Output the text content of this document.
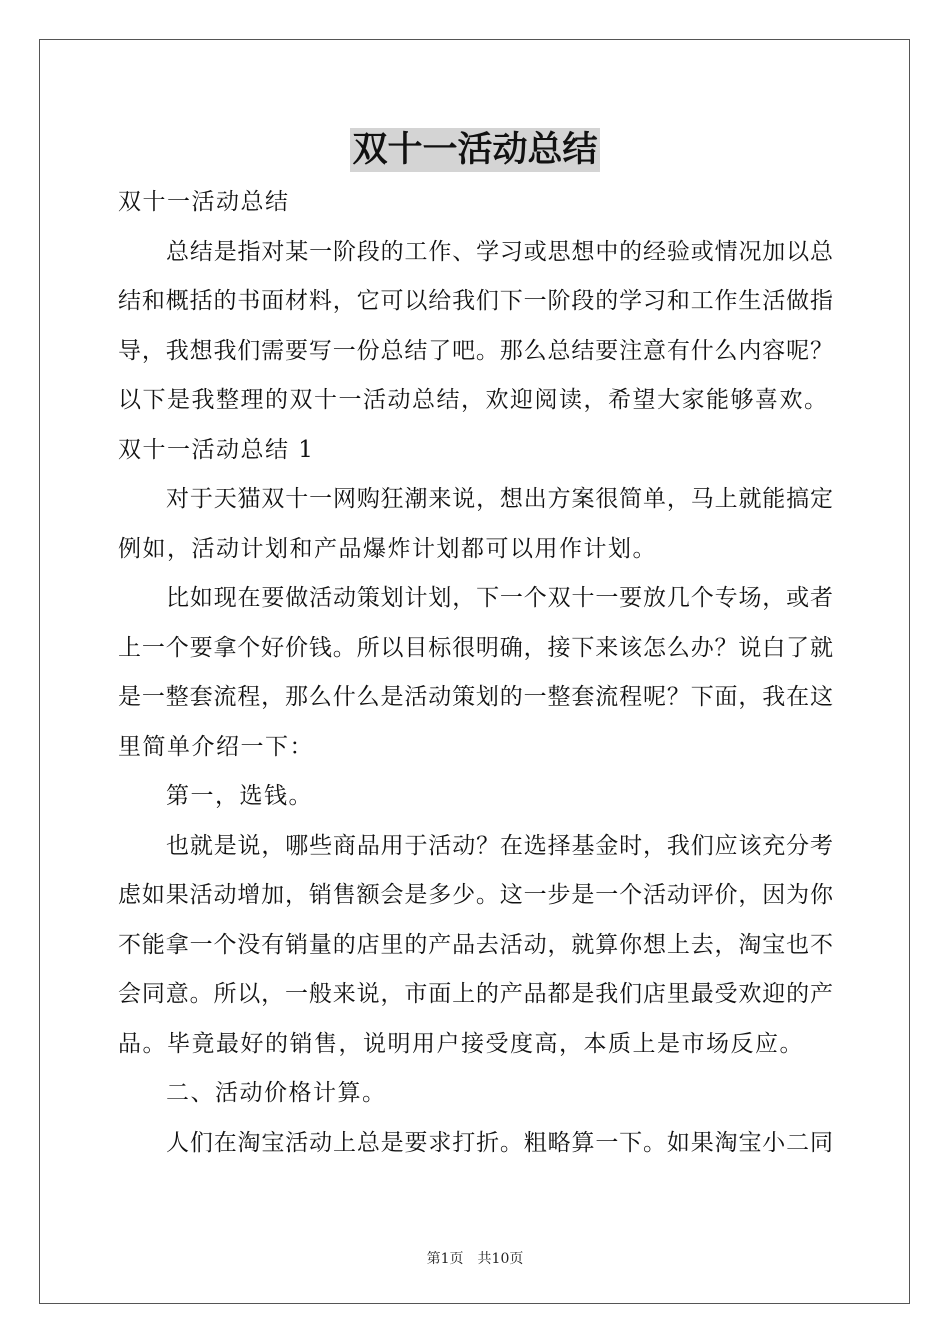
双十一活动总结
双十一活动总结
总结是指对某一阶段的工作、学习或思想中的经验或情况加以总
结和概括的书面材料，它可以给我们下一阶段的学习和工作生活做指
导，我想我们需要写一份总结了吧。那么总结要注意有什么内容呢？
以下是我整理的双十一活动总结，欢迎阅读，希望大家能够喜欢。
双十一活动总结 1
对于天猫双十一网购狂潮来说，想出方案很简单，马上就能搞定
例如，活动计划和产品爆炸计划都可以用作计划。
比如现在要做活动策划计划，下一个双十一要放几个专场，或者
上一个要拿个好价钱。所以目标很明确，接下来该怎么办？说白了就
是一整套流程，那么什么是活动策划的一整套流程呢？下面，我在这
里简单介绍一下：
第一，选钱。
也就是说，哪些商品用于活动？在选择基金时，我们应该充分考
虑如果活动增加，销售额会是多少。这一步是一个活动评价，因为你
不能拿一个没有销量的店里的产品去活动，就算你想上去，淘宝也不
会同意。所以，一般来说，市面上的产品都是我们店里最受欢迎的产
品。毕竟最好的销售，说明用户接受度高，本质上是市场反应。
二、活动价格计算。
人们在淘宝活动上总是要求打折。粗略算一下。如果淘宝小二同
第1页 共10页
